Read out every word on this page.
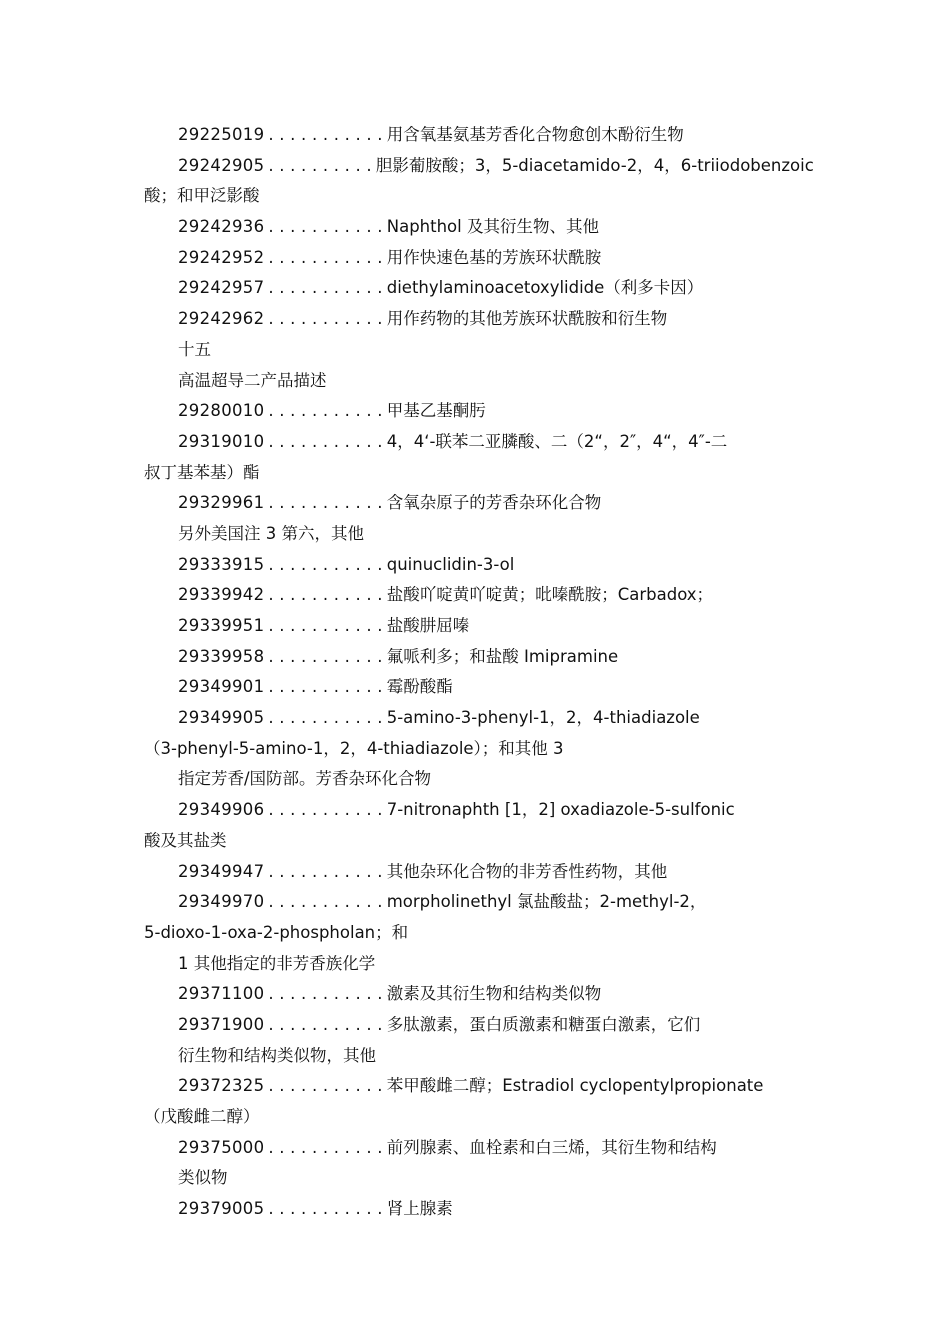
29225019 . . . . . . . . . . . 用含氧基氨基芳香化合物愈创木酚衍生物
29242905 . . . . . . . . . . 胆影葡胺酸；3，5-diacetamido-2，4，6-triiodobenzoic
酸；和甲泛影酸
29242936 . . . . . . . . . . . Naphthol 及其衍生物、其他
29242952 . . . . . . . . . . . 用作快速色基的芳族环状酰胺
29242957 . . . . . . . . . . . diethylaminoacetoxylidide（利多卡因）
29242962 . . . . . . . . . . . 用作药物的其他芳族环状酰胺和衍生物
十五
高温超导二产品描述
29280010 . . . . . . . . . . . 甲基乙基酮肟
29319010 . . . . . . . . . . . 4，4‘-联苯二亚膦酸、二（2“，2″，4“，4″-二
叔丁基苯基）酯
29329961 . . . . . . . . . . . 含氧杂原子的芳香杂环化合物
另外美国注 3 第六，其他
29333915 . . . . . . . . . . . quinuclidin-3-ol
29339942 . . . . . . . . . . . 盐酸吖啶黄吖啶黄；吡嗪酰胺；Carbadox；
29339951 . . . . . . . . . . . 盐酸肼屈嗪
29339958 . . . . . . . . . . . 氟哌利多；和盐酸 Imipramine
29349901 . . . . . . . . . . . 霉酚酸酯
29349905 . . . . . . . . . . . 5-amino-3-phenyl-1，2，4-thiadiazole
（3-phenyl-5-amino-1，2，4-thiadiazole）；和其他 3
指定芳香/国防部。芳香杂环化合物
29349906 . . . . . . . . . . . 7-nitronaphth [1，2] oxadiazole-5-sulfonic
酸及其盐类
29349947 . . . . . . . . . . . 其他杂环化合物的非芳香性药物，其他
29349970 . . . . . . . . . . . morpholinethyl 氯盐酸盐；2-methyl-2，
5-dioxo-1-oxa-2-phospholan；和
1 其他指定的非芳香族化学
29371100 . . . . . . . . . . . 激素及其衍生物和结构类似物
29371900 . . . . . . . . . . . 多肽激素，蛋白质激素和糖蛋白激素，它们
衍生物和结构类似物，其他
29372325 . . . . . . . . . . . 苯甲酸雌二醇；Estradiol cyclopentylpropionate
（戊酸雌二醇）
29375000 . . . . . . . . . . . 前列腺素、血栓素和白三烯，其衍生物和结构
类似物
29379005 . . . . . . . . . . . 肾上腺素
